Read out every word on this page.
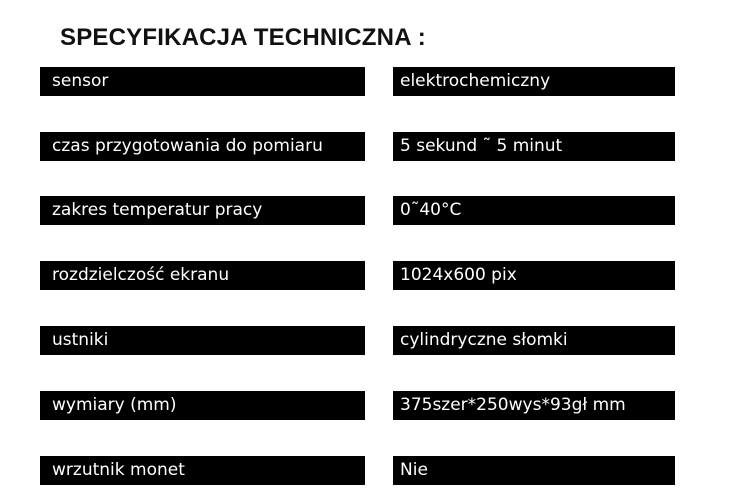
SPECYFIKACJA TECHNICZNA :
sensor	elektrochemiczny
czas przygotowania do pomiaru	5 sekund ˜ 5 minut
zakres temperatur pracy	0˜40°C
rozdzielczość ekranu	1024x600 pix
ustniki	cylindryczne słomki
wymiary (mm)	375szer*250wys*93gł mm
wrzutnik monet	Nie
